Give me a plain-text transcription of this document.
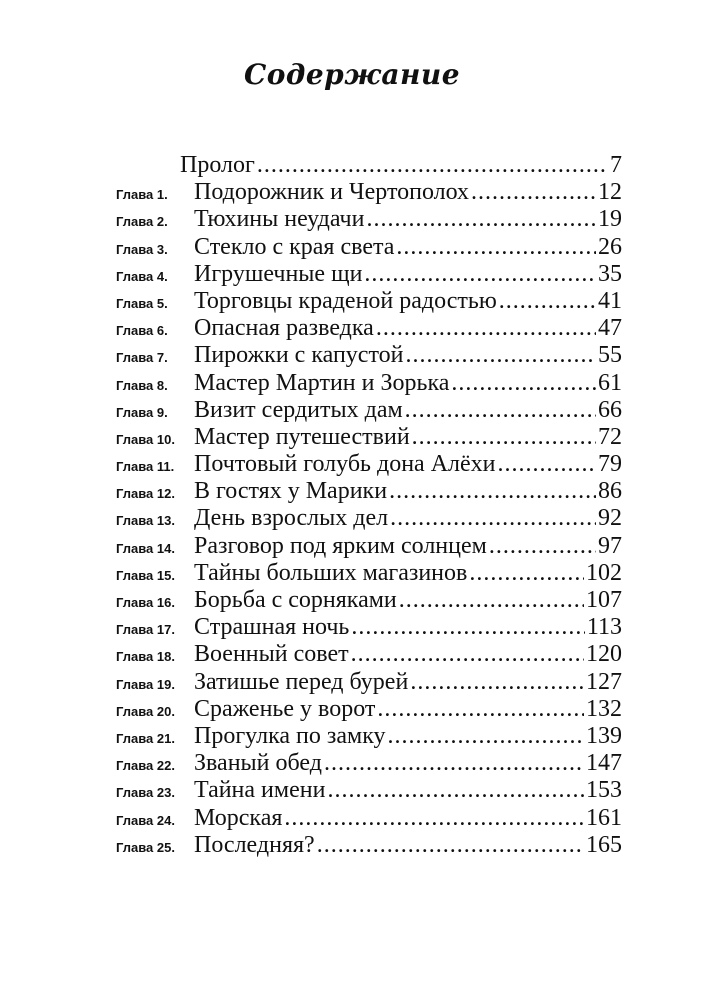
Содержание
Пролог .....	7
Глава 1.	Подорожник и Чертополох .....	12
Глава 2.	Тюхины неудачи .....	19
Глава 3.	Стекло с края света .....	26
Глава 4.	Игрушечные щи .....	35
Глава 5.	Торговцы краденой радостью .....	41
Глава 6.	Опасная разведка .....	47
Глава 7.	Пирожки с капустой .....	55
Глава 8.	Мастер Мартин и Зорька .....	61
Глава 9.	Визит сердитых дам .....	66
Глава 10. Мастер путешествий .....	72
Глава 11. Почтовый голубь дона Алёхи .....	79
Глава 12. В гостях у Марики .....	86
Глава 13. День взрослых дел .....	92
Глава 14. Разговор под ярким солнцем .....	97
Глава 15. Тайны больших магазинов .....	102
Глава 16. Борьба с сорняками .....	107
Глава 17. Страшная ночь .....	113
Глава 18. Военный совет .....	120
Глава 19. Затишье перед бурей .....	127
Глава 20. Сраженье у ворот .....	132
Глава 21. Прогулка по замку .....	139
Глава 22. Званый обед .....	147
Глава 23. Тайна имени .....	153
Глава 24. Морская .....	161
Глава 25. Последняя? .....	165
